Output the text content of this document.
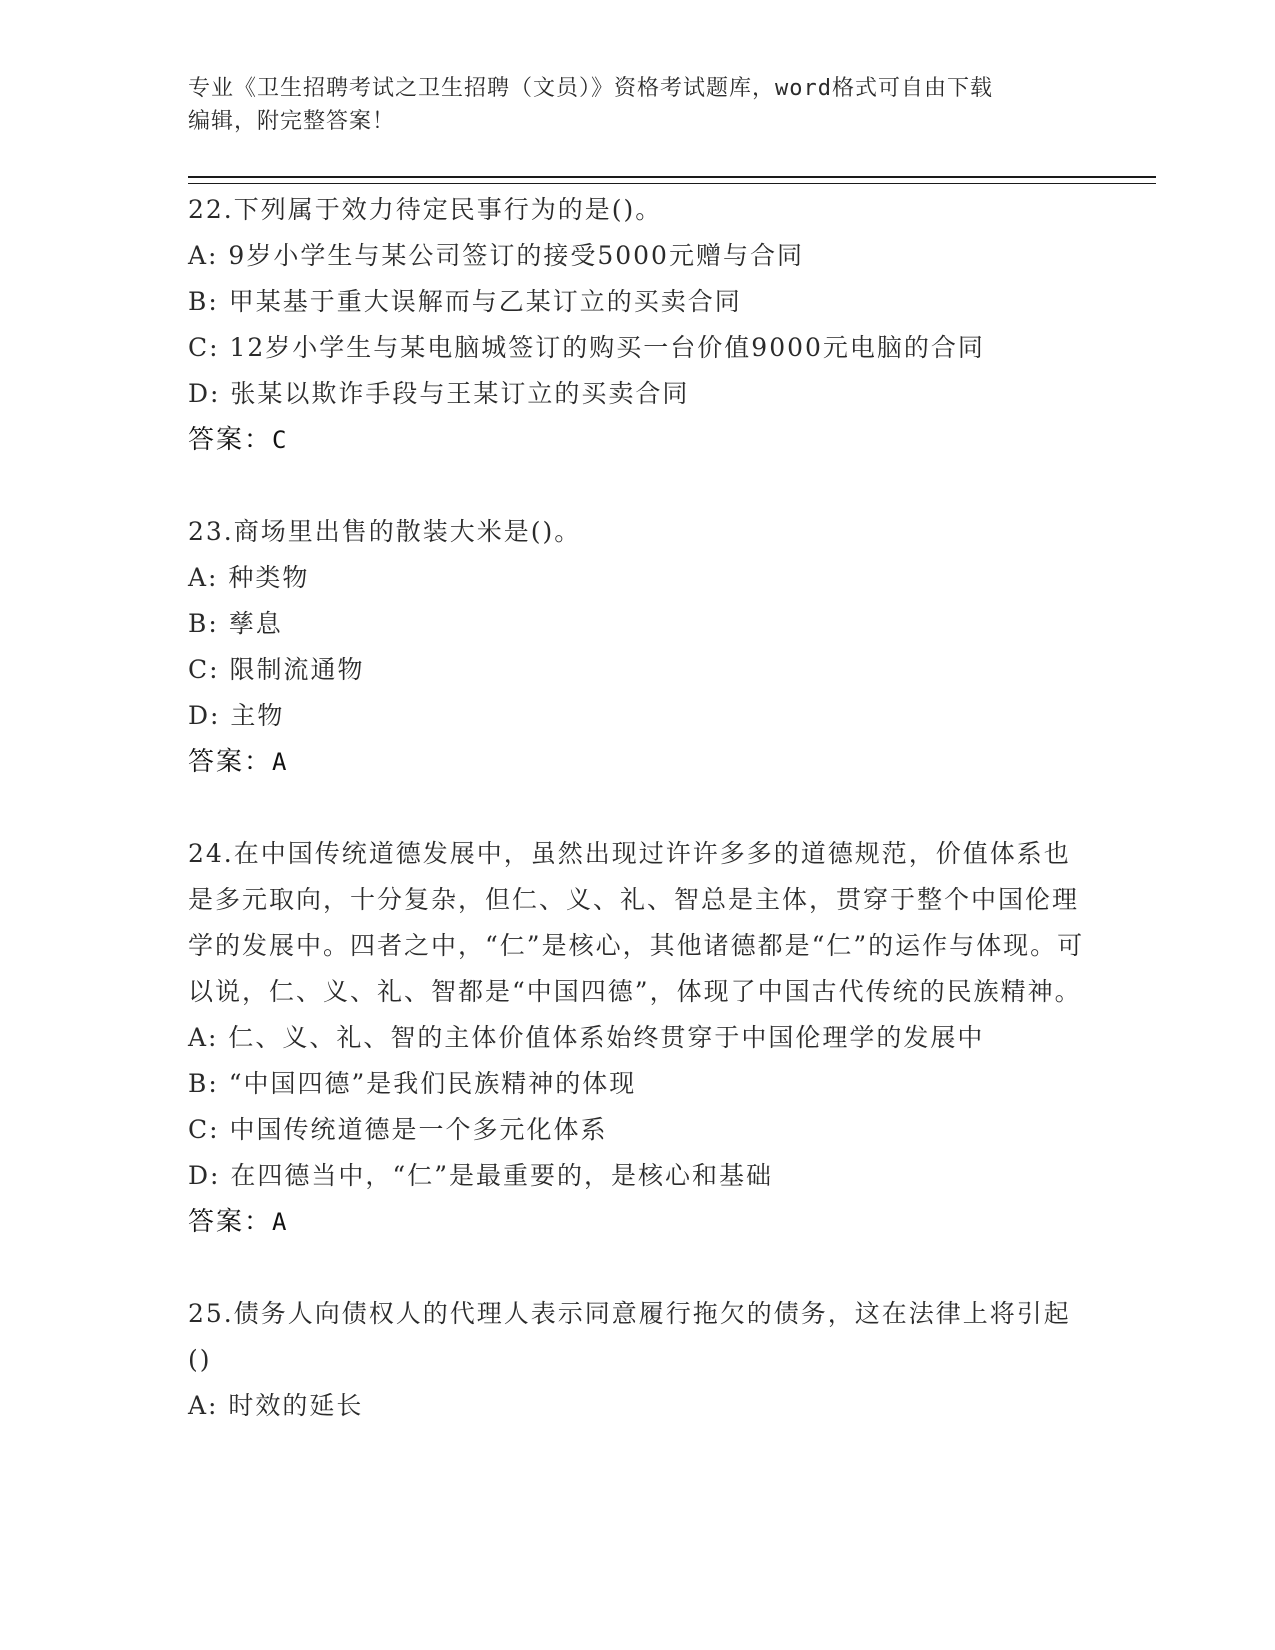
专业《卫生招聘考试之卫生招聘（文员）》资格考试题库，word格式可自由下载
编辑，附完整答案！

22.下列属于效力待定民事行为的是()。

A: 9岁小学生与某公司签订的接受5000元赠与合同

B: 甲某基于重大误解而与乙某订立的买卖合同

C: 12岁小学生与某电脑城签订的购买一台价值9000元电脑的合同

D: 张某以欺诈手段与王某订立的买卖合同

答案：C

23.商场里出售的散装大米是()。

A: 种类物

B: 孳息

C: 限制流通物

D: 主物

答案：A

24.在中国传统道德发展中，虽然出现过许许多多的道德规范，价值体系也是多元取向，十分复杂，但仁、义、礼、智总是主体，贯穿于整个中国伦理学的发展中。四者之中，“仁”是核心，其他诸德都是“仁”的运作与体现。可以说，仁、义、礼、智都是“中国四德”，体现了中国古代传统的民族精神。

A: 仁、义、礼、智的主体价值体系始终贯穿于中国伦理学的发展中

B: “中国四德”是我们民族精神的体现

C: 中国传统道德是一个多元化体系

D: 在四德当中，“仁”是最重要的，是核心和基础

答案：A

25.债务人向债权人的代理人表示同意履行拖欠的债务，这在法律上将引起()

A: 时效的延长
